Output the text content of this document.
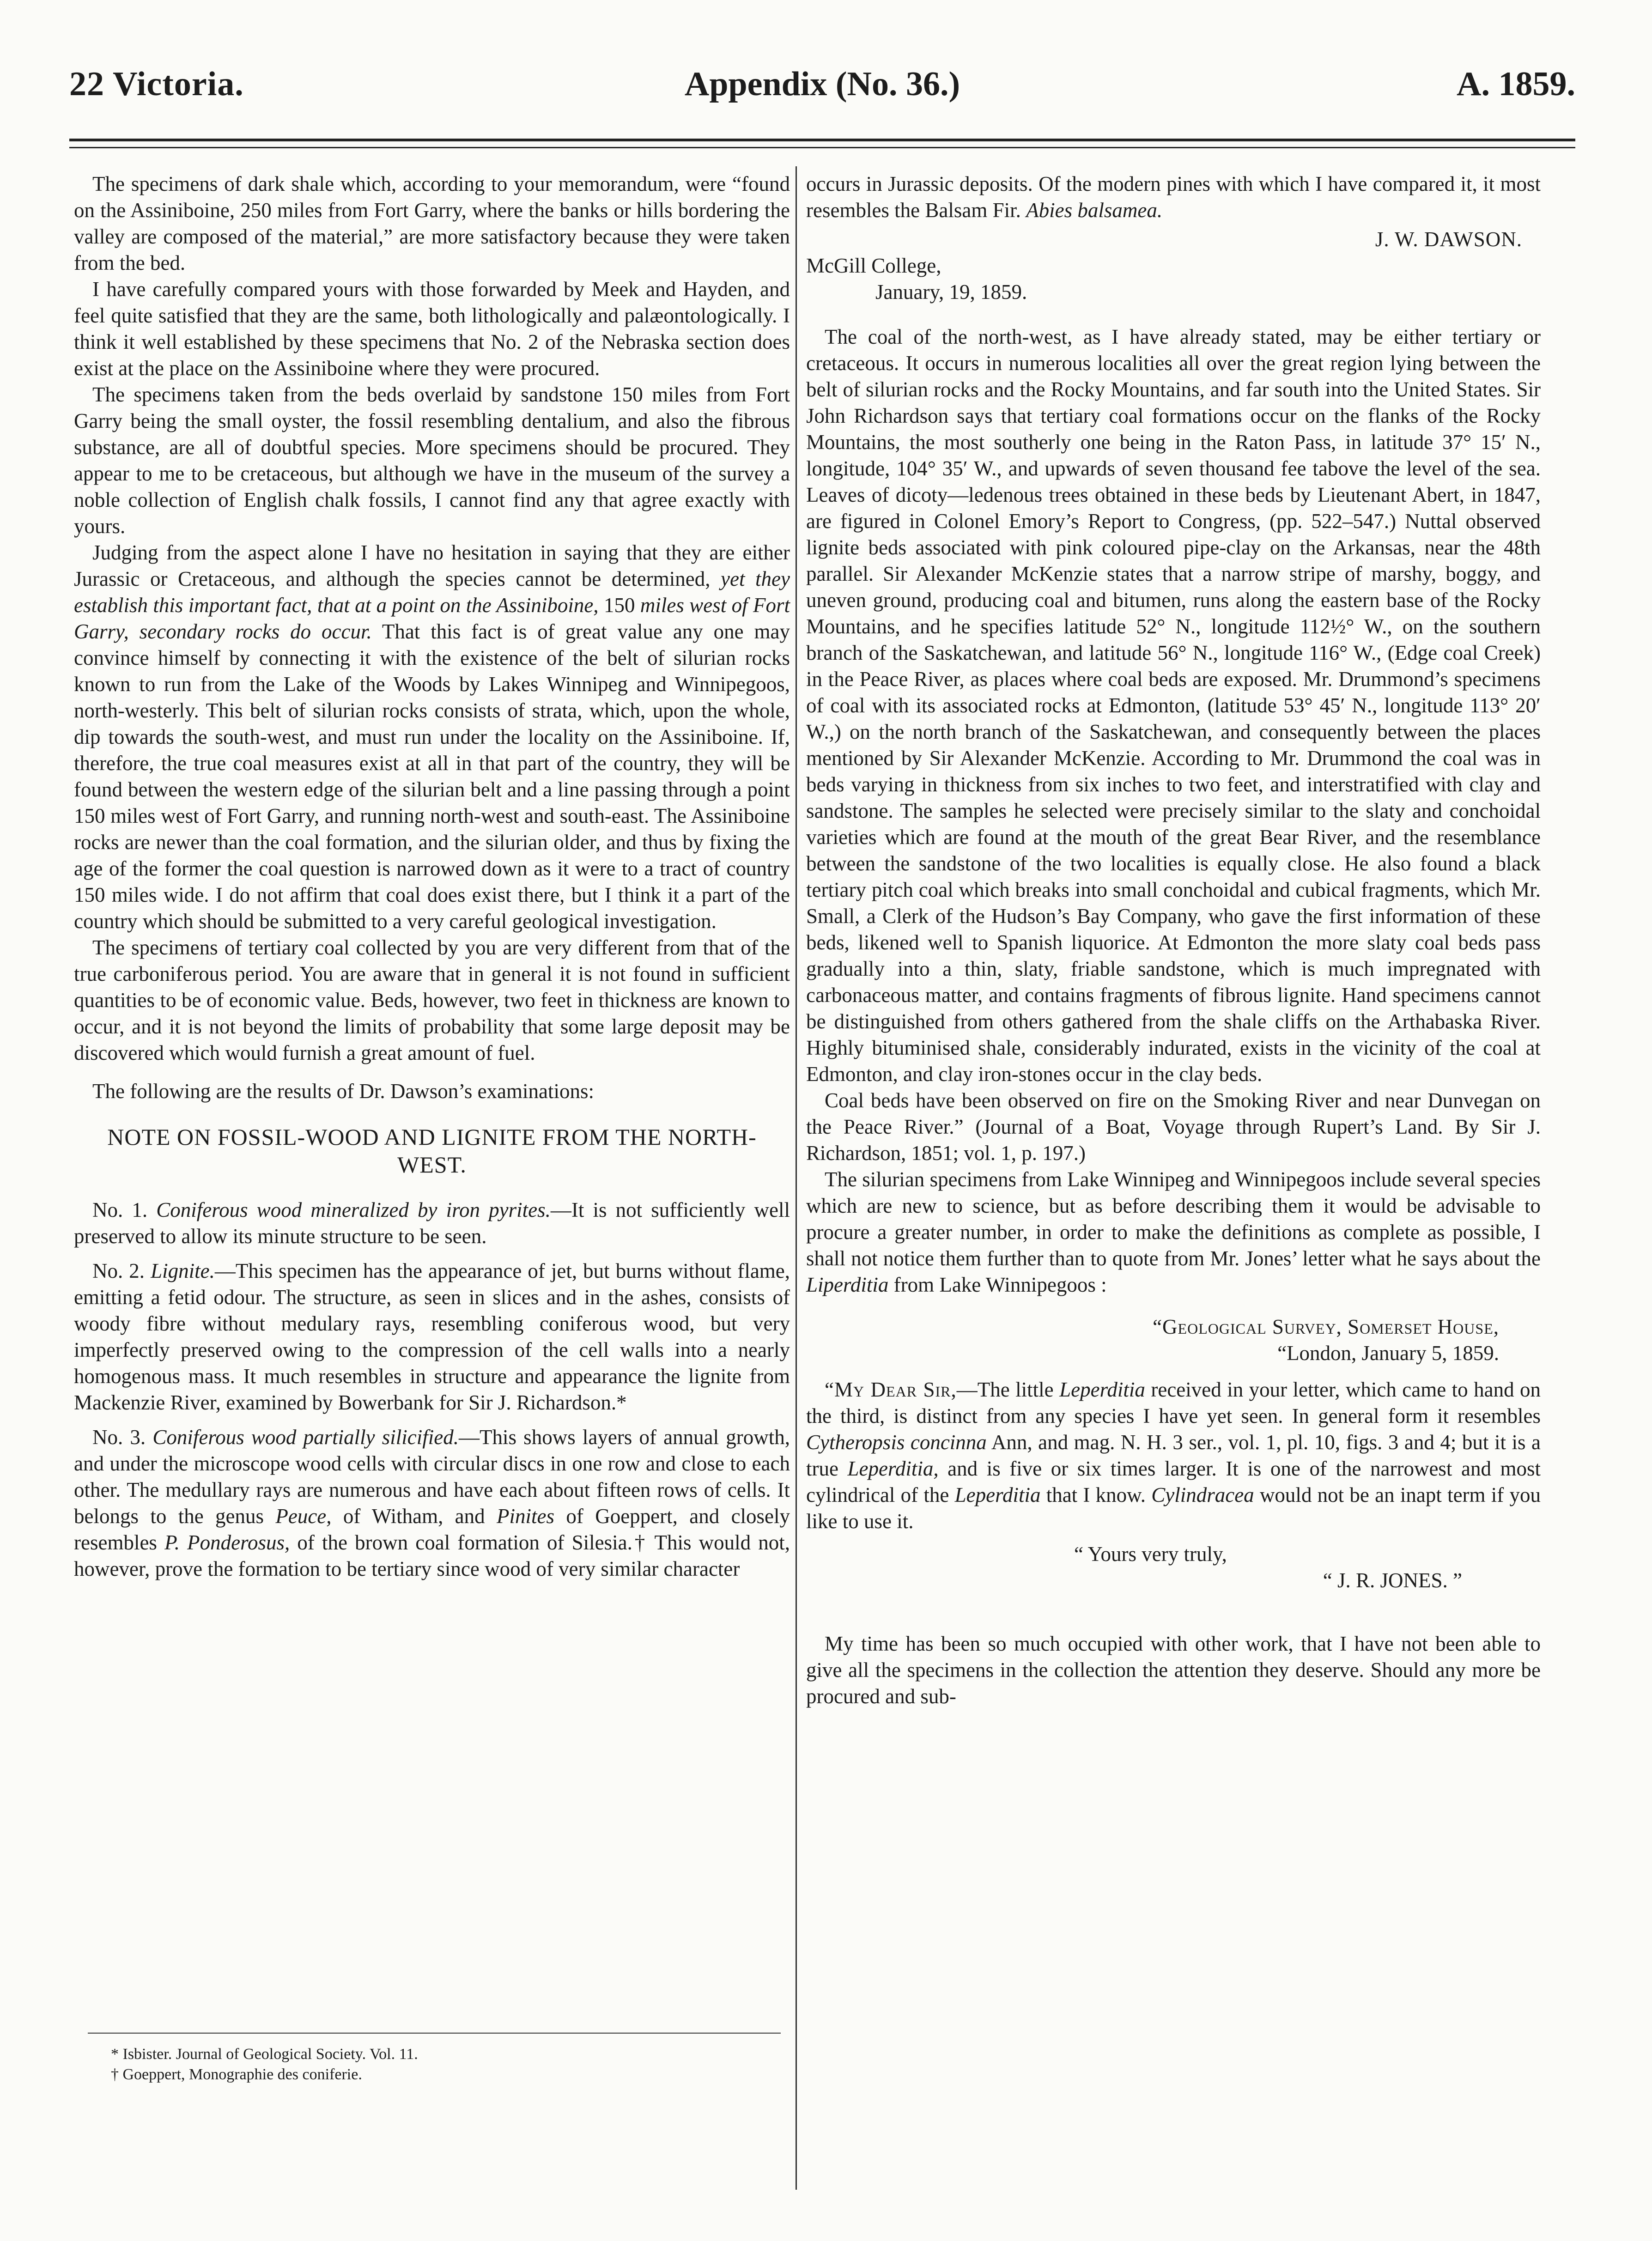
22 Victoria.	Appendix (No. 36.)	A. 1859.

The specimens of dark shale which, according to your memorandum, were “found on the Assiniboine, 250 miles from Fort Garry, where the banks or hills bordering the valley are composed of the material,” are more satisfactory because they were taken from the bed.

I have carefully compared yours with those forwarded by Meek and Hayden, and feel quite satisfied that they are the same, both lithologically and palæontologically. I think it well established by these specimens that No. 2 of the Nebraska section does exist at the place on the Assiniboine where they were procured.

The specimens taken from the beds overlaid by sandstone 150 miles from Fort Garry being the small oyster, the fossil resembling dentalium, and also the fibrous substance, are all of doubtful species. More specimens should be procured. They appear to me to be cretaceous, but although we have in the museum of the survey a noble collection of English chalk fossils, I cannot find any that agree exactly with yours.

Judging from the aspect alone I have no hesitation in saying that they are either Jurassic or Cretaceous, and although the species cannot be determined, yet they establish this important fact, that at a point on the Assiniboine, 150 miles west of Fort Garry, secondary rocks do occur. That this fact is of great value any one may convince himself by connecting it with the existence of the belt of silurian rocks known to run from the Lake of the Woods by Lakes Winnipeg and Winnipegoos, north-westerly. This belt of silurian rocks consists of strata, which, upon the whole, dip towards the south-west, and must run under the locality on the Assiniboine. If, therefore, the true coal measures exist at all in that part of the country, they will be found between the western edge of the silurian belt and a line passing through a point 150 miles west of Fort Garry, and running north-west and south-east. The Assiniboine rocks are newer than the coal formation, and the silurian older, and thus by fixing the age of the former the coal question is narrowed down as it were to a tract of country 150 miles wide. I do not affirm that coal does exist there, but I think it a part of the country which should be submitted to a very careful geological investigation.

The specimens of tertiary coal collected by you are very different from that of the true carboniferous period. You are aware that in general it is not found in sufficient quantities to be of economic value. Beds, however, two feet in thickness are known to occur, and it is not beyond the limits of probability that some large deposit may be discovered which would furnish a great amount of fuel.

The following are the results of Dr. Dawson’s examinations:

NOTE ON FOSSIL-WOOD AND LIGNITE FROM THE NORTH-WEST.

No. 1. Coniferous wood mineralized by iron pyrites.—It is not sufficiently well preserved to allow its minute structure to be seen.

No. 2. Lignite.—This specimen has the appearance of jet, but burns without flame, emitting a fetid odour. The structure, as seen in slices and in the ashes, consists of woody fibre without medulary rays, resembling coniferous wood, but very imperfectly preserved owing to the compression of the cell walls into a nearly homogenous mass. It much resembles in structure and appearance the lignite from Mackenzie River, examined by Bowerbank for Sir J. Richardson.*

No. 3. Coniferous wood partially silicified.—This shows layers of annual growth, and under the microscope wood cells with circular discs in one row and close to each other. The medullary rays are numerous and have each about fifteen rows of cells. It belongs to the genus Peuce, of Witham, and Pinites of Goeppert, and closely resembles P. Ponderosus, of the brown coal formation of Silesia.† This would not, however, prove the formation to be tertiary since wood of very similar character

* Isbister. Journal of Geological Society. Vol. 11.
† Goeppert, Monographie des coniferie.

occurs in Jurassic deposits. Of the modern pines with which I have compared it, it most resembles the Balsam Fir. Abies balsamea.

J. W. DAWSON.

McGill College,

January, 19, 1859.

The coal of the north-west, as I have already stated, may be either tertiary or cretaceous. It occurs in numerous localities all over the great region lying between the belt of silurian rocks and the Rocky Mountains, and far south into the United States. Sir John Richardson says that tertiary coal formations occur on the flanks of the Rocky Mountains, the most southerly one being in the Raton Pass, in latitude 37° 15′ N., longitude, 104° 35′ W., and upwards of seven thousand fee tabove the level of the sea. Leaves of dicoty—ledenous trees obtained in these beds by Lieutenant Abert, in 1847, are figured in Colonel Emory’s Report to Congress, (pp. 522–547.) Nuttal observed lignite beds associated with pink coloured pipe-clay on the Arkansas, near the 48th parallel. Sir Alexander McKenzie states that a narrow stripe of marshy, boggy, and uneven ground, producing coal and bitumen, runs along the eastern base of the Rocky Mountains, and he specifies latitude 52° N., longitude 112½° W., on the southern branch of the Saskatchewan, and latitude 56° N., longitude 116° W., (Edge coal Creek) in the Peace River, as places where coal beds are exposed. Mr. Drummond’s specimens of coal with its associated rocks at Edmonton, (latitude 53° 45′ N., longitude 113° 20′ W.,) on the north branch of the Saskatchewan, and consequently between the places mentioned by Sir Alexander McKenzie. According to Mr. Drummond the coal was in beds varying in thickness from six inches to two feet, and interstratified with clay and sandstone. The samples he selected were precisely similar to the slaty and conchoidal varieties which are found at the mouth of the great Bear River, and the resemblance between the sandstone of the two localities is equally close. He also found a black tertiary pitch coal which breaks into small conchoidal and cubical fragments, which Mr. Small, a Clerk of the Hudson’s Bay Company, who gave the first information of these beds, likened well to Spanish liquorice. At Edmonton the more slaty coal beds pass gradually into a thin, slaty, friable sandstone, which is much impregnated with carbonaceous matter, and contains fragments of fibrous lignite. Hand specimens cannot be distinguished from others gathered from the shale cliffs on the Arthabaska River. Highly bituminised shale, considerably indurated, exists in the vicinity of the coal at Edmonton, and clay iron-stones occur in the clay beds.

Coal beds have been observed on fire on the Smoking River and near Dunvegan on the Peace River.” (Journal of a Boat, Voyage through Rupert’s Land. By Sir J. Richardson, 1851; vol. 1, p. 197.)

The silurian specimens from Lake Winnipeg and Winnipegoos include several species which are new to science, but as before describing them it would be advisable to procure a greater number, in order to make the definitions as complete as possible, I shall not notice them further than to quote from Mr. Jones’ letter what he says about the Liperditia from Lake Winnipegoos :

“Geological Survey, Somerset House,

“London, January 5, 1859.

“My Dear Sir,—The little Leperditia received in your letter, which came to hand on the third, is distinct from any species I have yet seen. In general form it resembles Cytheropsis concinna Ann, and mag. N. H. 3 ser., vol. 1, pl. 10, figs. 3 and 4; but it is a true Leperditia, and is five or six times larger. It is one of the narrowest and most cylindrical of the Leperditia that I know. Cylindracea would not be an inapt term if you like to use it.

“ Yours very truly,

“ J. R. JONES. ”

My time has been so much occupied with other work, that I have not been able to give all the specimens in the collection the attention they deserve. Should any more be procured and sub-
